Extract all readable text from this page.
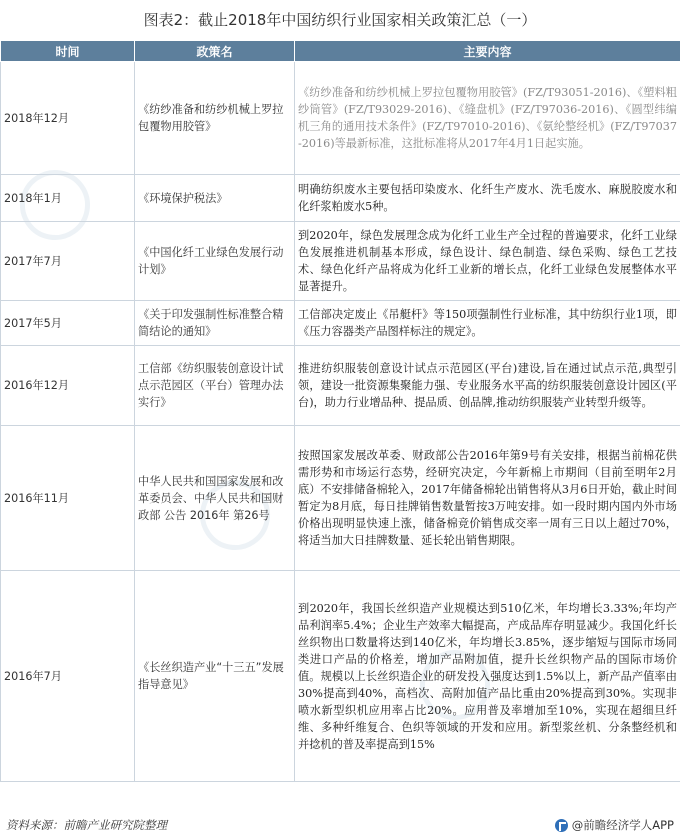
图表2：截止2018年中国纺织行业国家相关政策汇总（一）
时间	政策名	主要内容
2018年12月	《纺纱准备和纺纱机械上罗拉包覆物用胶管》	《纺纱准备和纺纱机械上罗拉包覆物用胶管》(FZ/T93051-2016)、《塑料粗纱筒管》(FZ/T93029-2016)、《缝盘机》(FZ/T97036-2016)、《圆型纬编机三角的通用技术条件》(FZ/T97010-2016)、《氨纶整经机》(FZ/T97037-2016)等最新标准，这批标准将从2017年4月1日起实施。
2018年1月	《环境保护税法》	明确纺织废水主要包括印染废水、化纤生产废水、洗毛废水、麻脱胶废水和化纤浆粕废水5种。
2017年7月	《中国化纤工业绿色发展行动计划》	到2020年，绿色发展理念成为化纤工业生产全过程的普遍要求，化纤工业绿色发展推进机制基本形成，绿色设计、绿色制造、绿色采购、绿色工艺技术、绿色化纤产品将成为化纤工业新的增长点，化纤工业绿色发展整体水平显著提升。
2017年5月	《关于印发强制性标准整合精简结论的通知》	工信部决定废止《吊艇杆》等150项强制性行业标准，其中纺织行业1项，即《压力容器类产品图样标注的规定》。
2016年12月	工信部《纺织服装创意设计试点示范园区（平台）管理办法实行》	推进纺织服装创意设计试点示范园区(平台)建设,旨在通过试点示范,典型引领，建设一批资源集聚能力强、专业服务水平高的纺织服装创意设计园区(平台)，助力行业增品种、提品质、创品牌,推动纺织服装产业转型升级等。
2016年11月	中华人民共和国国家发展和改革委员会、中华人民共和国财政部 公告 2016年 第26号	按照国家发展改革委、财政部公告2016年第9号有关安排，根据当前棉花供需形势和市场运行态势，经研究决定，今年新棉上市期间（目前至明年2月底）不安排储备棉轮入，2017年储备棉轮出销售将从3月6日开始，截止时间暂定为8月底，每日挂牌销售数量暂按3万吨安排。如一段时期内国内外市场价格出现明显快速上涨，储备棉竞价销售成交率一周有三日以上超过70%，将适当加大日挂牌数量、延长轮出销售期限。
2016年7月	《长丝织造产业“十三五”发展指导意见》	到2020年，我国长丝织造产业规模达到510亿米，年均增长3.33%;年均产品利润率5.4%；企业生产效率大幅提高，产成品库存明显减少。我国化纤长丝织物出口数量将达到140亿米，年均增长3.85%，逐步缩短与国际市场同类进口产品的价格差，增加产品附加值，提升长丝织物产品的国际市场价值。规模以上长丝织造企业的研发投入强度达到1.5%以上，新产品产值率由30%提高到40%，高档次、高附加值产品比重由20%提高到30%。实现非喷水新型织机应用率占比20%。应用普及率增加至10%，实现在超细旦纤维、多种纤维复合、色织等领域的开发和应用。新型浆丝机、分条整经机和并捻机的普及率提高到15%
资料来源：前瞻产业研究院整理	@前瞻经济学人APP
